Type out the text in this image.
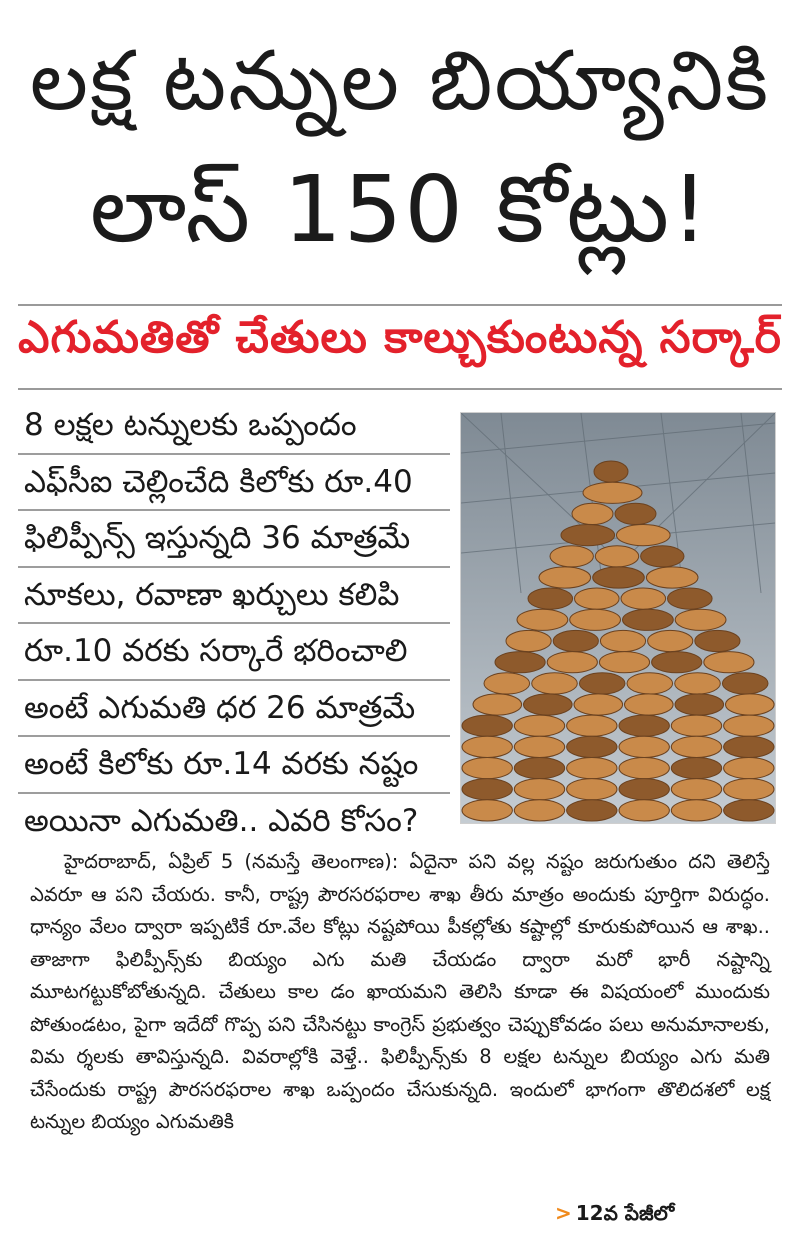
లక్ష టన్నుల బియ్యానికి
లాస్ 150 కోట్లు!
ఎగుమతితో చేతులు కాల్చుకుంటున్న సర్కార్
8 లక్షల టన్నులకు ఒప్పందం
ఎఫ్‌సీఐ చెల్లించేది కిలోకు రూ.40
ఫిలిప్పీన్స్ ఇస్తున్నది 36 మాత్రమే
నూకలు, రవాణా ఖర్చులు కలిపి
రూ.10 వరకు సర్కారే భరించాలి
అంటే ఎగుమతి ధర 26 మాత్రమే
అంటే కిలోకు రూ.14 వరకు నష్టం
అయినా ఎగుమతి.. ఎవరి కోసం?

హైదరాబాద్, ఏప్రిల్ 5 (నమస్తే తెలంగాణ): ఏదైనా పని వల్ల నష్టం జరుగుతుం దని తెలిస్తే ఎవరూ ఆ పని చేయరు. కానీ, రాష్ట్ర పౌరసరఫరాల శాఖ తీరు మాత్రం అందుకు పూర్తిగా విరుద్ధం. ధాన్యం వేలం ద్వారా ఇప్పటికే రూ.వేల కోట్లు నష్టపోయి పీకల్లోతు కష్టాల్లో కూరుకుపోయిన ఆ శాఖ.. తాజాగా ఫిలిప్పీన్స్‌కు బియ్యం ఎగు మతి చేయడం ద్వారా మరో భారీ నష్టాన్ని మూటగట్టుకోబోతున్నది. చేతులు కాల డం ఖాయమని తెలిసి కూడా ఈ విషయంలో ముందుకు పోతుండటం, పైగా ఇదేదో గొప్ప పని చేసినట్టు కాంగ్రెస్ ప్రభుత్వం చెప్పుకోవడం పలు అనుమానాలకు, విమ ర్శలకు తావిస్తున్నది. వివరాల్లోకి వెళ్తే.. ఫిలిప్పీన్స్‌కు 8 లక్షల టన్నుల బియ్యం ఎగు మతి చేసేందుకు రాష్ట్ర పౌరసరఫరాల శాఖ ఒప్పందం చేసుకున్నది. ఇందులో భాగంగా తొలిదశలో లక్ష టన్నుల బియ్యం ఎగుమతికి

> 12వ పేజీలో
